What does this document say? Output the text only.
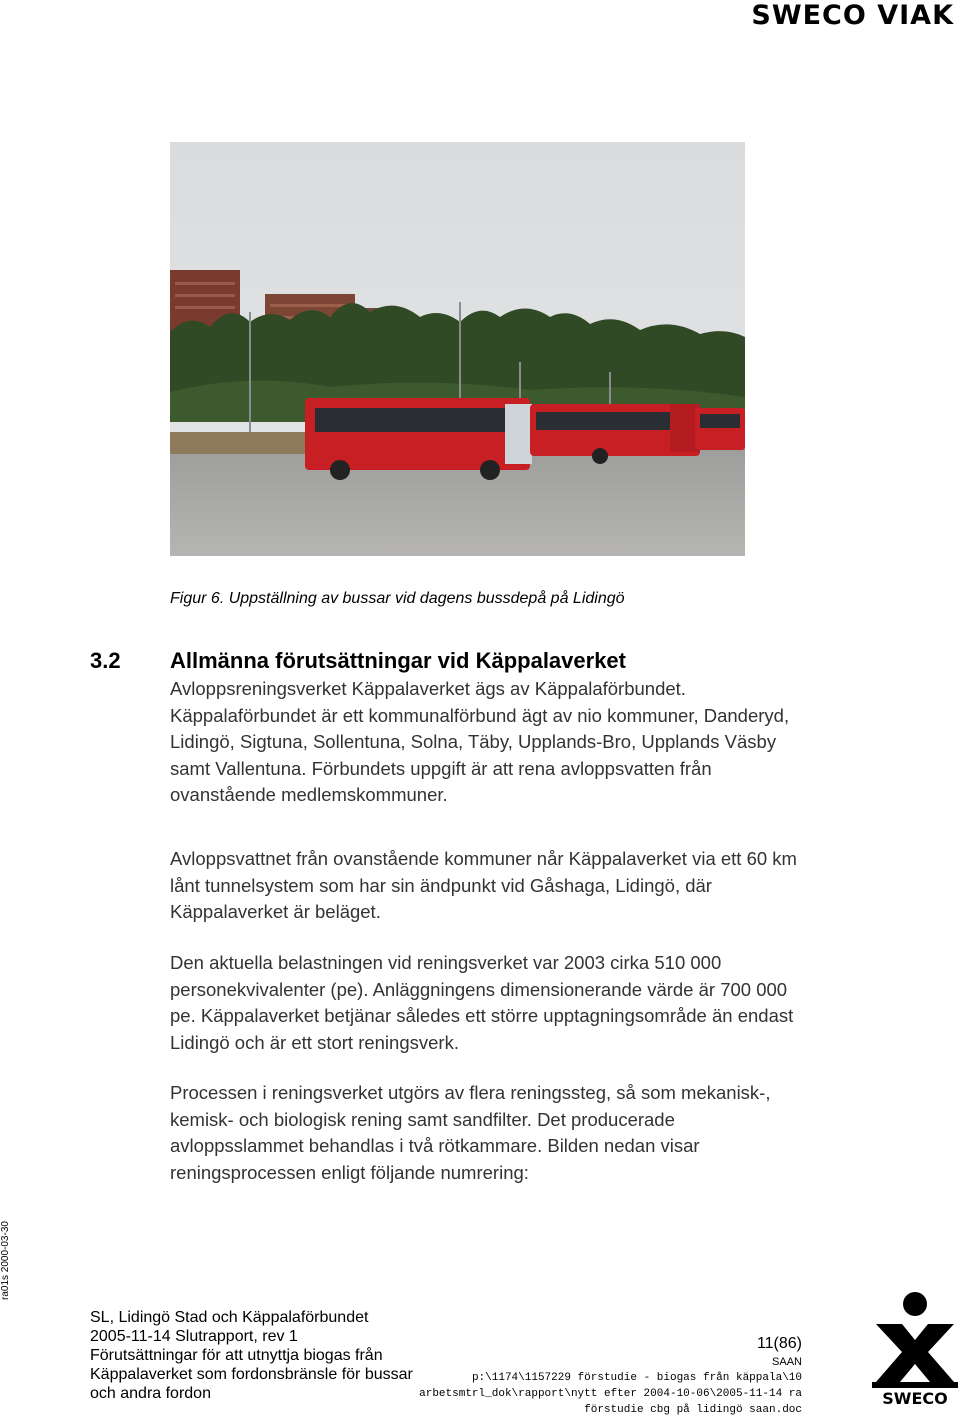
SWECO VIAK
Figur 6. Uppställning av bussar vid dagens bussdepå på Lidingö
3.2 Allmänna förutsättningar vid Käppalaverket

Avloppsreningsverket Käppalaverket ägs av Käppalaförbundet. Käppalaförbundet är ett kommunalförbund ägt av nio kommuner, Danderyd, Lidingö, Sigtuna, Sollentuna, Solna, Täby, Upplands-Bro, Upplands Väsby samt Vallentuna. Förbundets uppgift är att rena avloppsvatten från ovanstående medlemskommuner.

Avloppsvattnet från ovanstående kommuner når Käppalaverket via ett 60 km lånt tunnelsystem som har sin ändpunkt vid Gåshaga, Lidingö, där Käppalaverket är beläget.

Den aktuella belastningen vid reningsverket var 2003 cirka 510 000 personekvivalenter (pe). Anläggningens dimensionerande värde är 700 000 pe. Käppalaverket betjänar således ett större upptagningsområde än endast Lidingö och är ett stort reningsverk.

Processen i reningsverket utgörs av flera reningssteg, så som mekanisk-, kemisk- och biologisk rening samt sandfilter. Det producerade avloppsslammet behandlas i två rötkammare. Bilden nedan visar reningsprocessen enligt följande numrering:

ra01s 2000-03-30
SL, Lidingö Stad och Käppalaförbundet
2005-11-14 Slutrapport, rev 1
Förutsättningar för att utnyttja biogas från
Käppalaverket som fordonsbränsle för bussar
och andra fordon
11(86)
SAAN
p:\1174\1157229 förstudie - biogas från käppala\10
arbetsmtrl_dok\rapport\nytt efter 2004-10-06\2005-11-14 ra
förstudie cbg på lidingö saan.doc
SWECO
